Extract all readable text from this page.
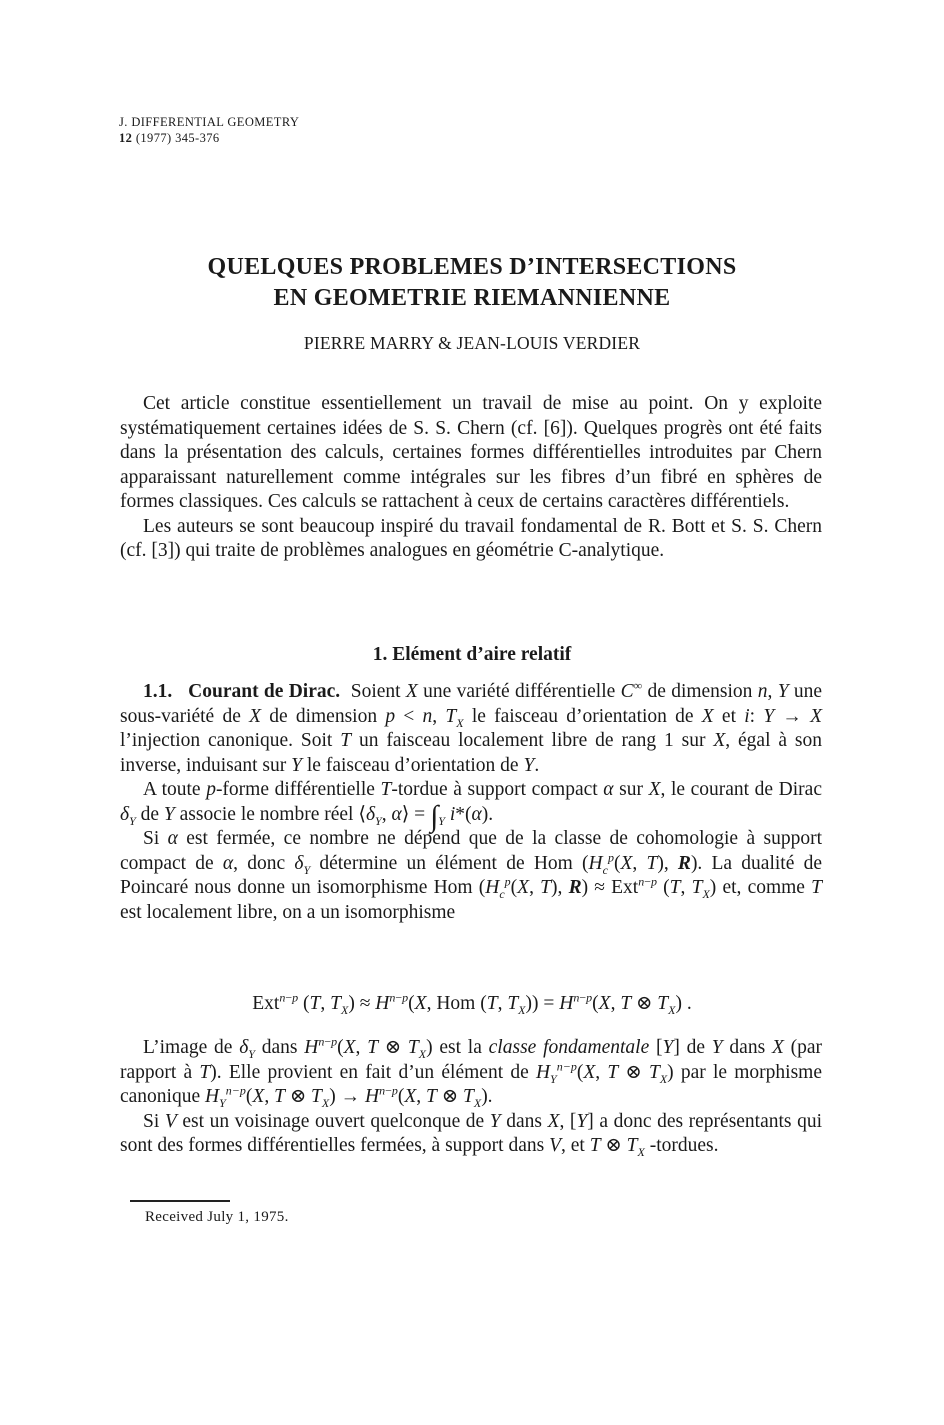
J. DIFFERENTIAL GEOMETRY
12 (1977) 345-376
QUELQUES PROBLEMES D’INTERSECTIONS
EN GEOMETRIE RIEMANNIENNE
PIERRE MARRY & JEAN-LOUIS VERDIER

Cet article constitue essentiellement un travail de mise au point. On y exploite systématiquement certaines idées de S. S. Chern (cf. [6]). Quelques progrès ont été faits dans la présentation des calculs, certaines formes différentielles introduites par Chern apparaissant naturellement comme intégrales sur les fibres d’un fibré en sphères de formes classiques. Ces calculs se rattachent à ceux de certains caractères différentiels.

Les auteurs se sont beaucoup inspiré du travail fondamental de R. Bott et S. S. Chern (cf. [3]) qui traite de problèmes analogues en géométrie C-analytique.

1. Elément d’aire relatif

1.1. Courant de Dirac.  Soient X une variété différentielle C∞ de dimension n, Y une sous-variété de X de dimension p < n, $T_X$ le faisceau d’orientation de X et i: Y → X l’injection canonique. Soit T un faisceau localement libre de rang 1 sur X, égal à son inverse, induisant sur Y le faisceau d’orientation de Y.

A toute p-forme différentielle T-tordue à support compact α sur X, le courant de Dirac $\delta_Y$ de Y associe le nombre réel $⟨\delta_Y$, α⟩ = $\int_Y$ i*(α).

Si α est fermée, ce nombre ne dépend que de la classe de cohomologie à support compact de α, donc $\delta_Y$ détermine un élément de Hom ($H_c^p(X$, T), R). La dualité de Poincaré nous donne un isomorphisme Hom ($H_c^p(X$, T), R) ≈ Ext$^{n-p}$ (T, $T_X$) et, comme T est localement libre, on a un isomorphisme

Ext$^{n-p}$ (T, $T_X) \approx H^{n-p}(X$, Hom (T, $T_X)) = H^{n-p}(X$, T ⊗ $T_X$) .

L’image de $\delta_Y$ dans $H^{n-p}(X$, T ⊗ $T_X$) est la classe fondamentale [Y] de Y dans X (par rapport à T). Elle provient en fait d’un élément de $H_Y^{n-p}(X$, T ⊗ $T_X$) par le morphisme canonique $H_Y^{n-p}(X$, T ⊗ $T_X) \to H^{n-p}(X$, T ⊗ $T_X$).

Si V est un voisinage ouvert quelconque de Y dans X, [Y] a donc des représentants qui sont des formes différentielles fermées, à support dans V, et T ⊗ $T_X$ -tordues.

Received July 1, 1975.
